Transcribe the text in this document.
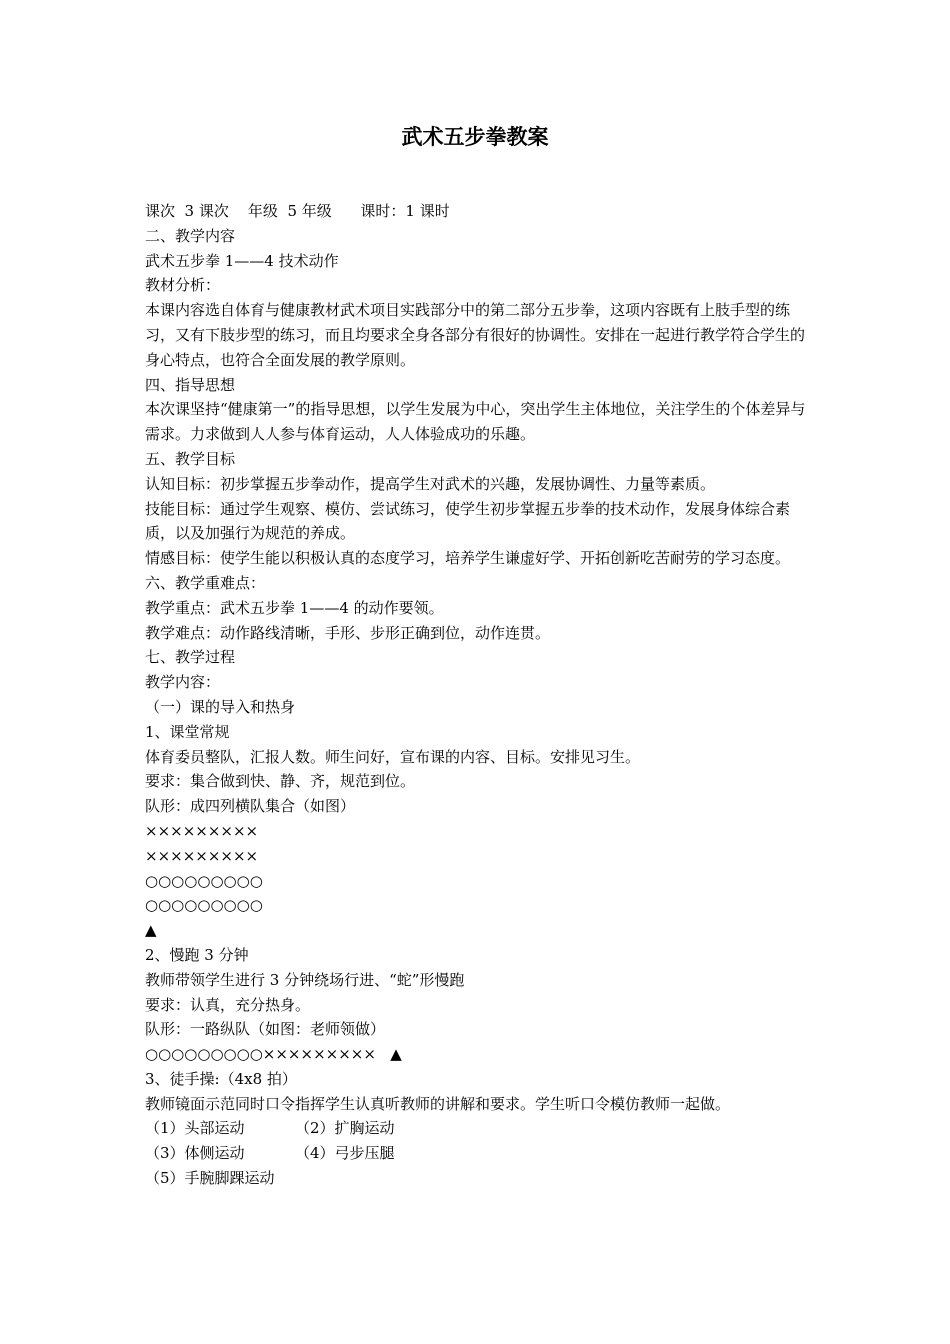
武术五步拳教案

课次  3 课次    年级  5 年级      课时：1 课时

二、教学内容

武术五步拳 1——4 技术动作

教材分析：

本课内容选自体育与健康教材武术项目实践部分中的第二部分五步拳，这项内容既有上肢手型的练习，又有下肢步型的练习，而且均要求全身各部分有很好的协调性。安排在一起进行教学符合学生的身心特点，也符合全面发展的教学原则。

四、指导思想

本次课坚持“健康第一”的指导思想，以学生发展为中心，突出学生主体地位，关注学生的个体差异与需求。力求做到人人参与体育运动，人人体验成功的乐趣。

五、教学目标

认知目标：初步掌握五步拳动作，提高学生对武术的兴趣，发展协调性、力量等素质。

技能目标：通过学生观察、模仿、尝试练习，使学生初步掌握五步拳的技术动作，发展身体综合素质，以及加强行为规范的养成。

情感目标：使学生能以积极认真的态度学习，培养学生谦虚好学、开拓创新吃苦耐劳的学习态度。

六、教学重难点：

教学重点：武术五步拳 1——4 的动作要领。

教学难点：动作路线清晰，手形、步形正确到位，动作连贯。

七、教学过程

教学内容：

（一）课的导入和热身

1、课堂常规

体育委员整队，汇报人数。师生问好，宣布课的内容、目标。安排见习生。

要求：集合做到快、静、齐，规范到位。

队形：成四列横队集合（如图）

×××××××××

×××××××××

○○○○○○○○○

○○○○○○○○○

▲

2、慢跑 3 分钟

教师带领学生进行 3 分钟绕场行进、“蛇”形慢跑

要求：认真，充分热身。

队形：一路纵队（如图：老师领做）

○○○○○○○○○×××××××××   ▲

3、徒手操:（4x8 拍）

教师镜面示范同时口令指挥学生认真听教师的讲解和要求。学生听口令模仿教师一起做。

（1）头部运动	（2）扩胸运动

（3）体侧运动	（4）弓步压腿

（5）手腕脚踝运动
